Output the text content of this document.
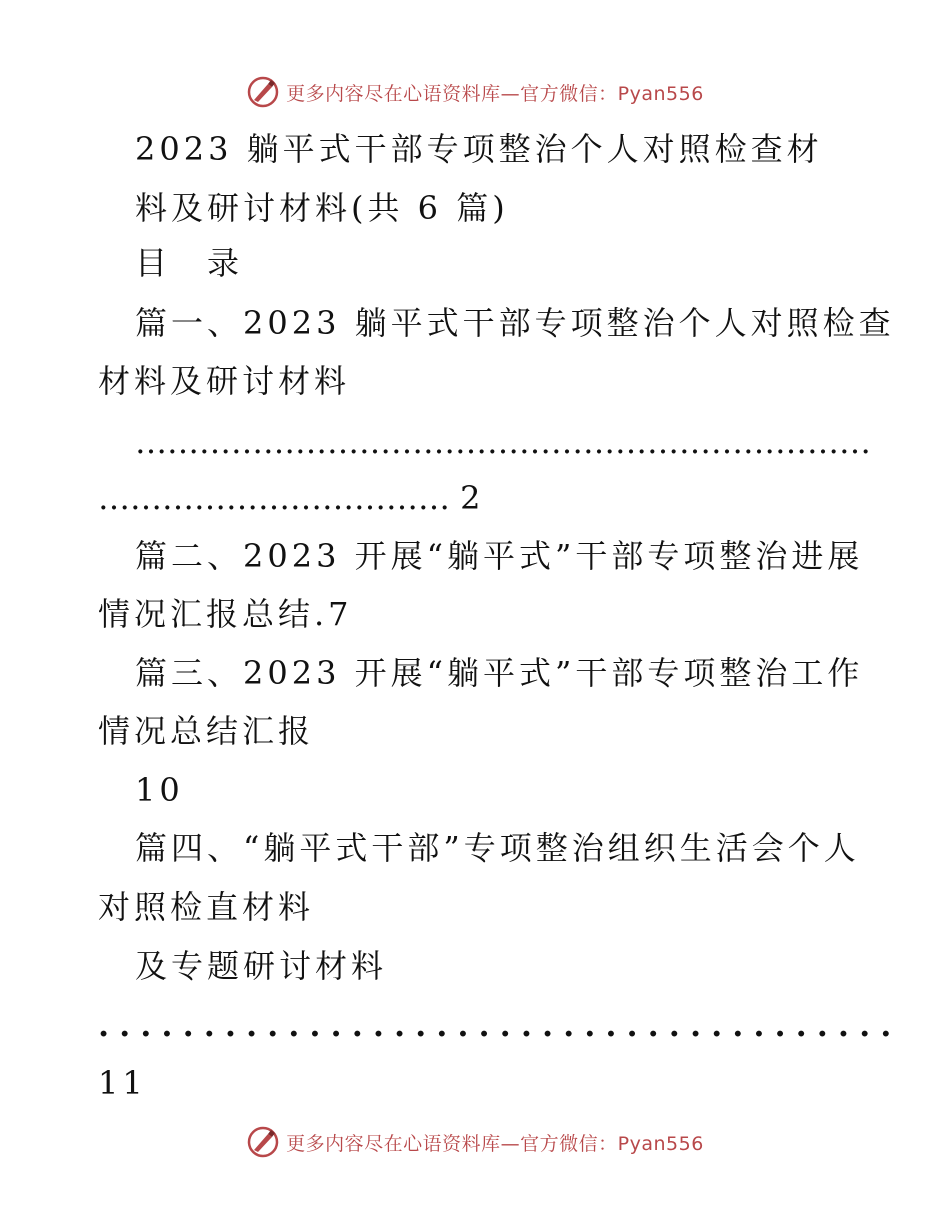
更多内容尽在心语资料库—官方微信：Pyan556
2023 躺平式干部专项整治个人对照检查材
料及研讨材料(共 6 篇)
目　录
篇一、2023 躺平式干部专项整治个人对照检查
材料及研讨材料
……………………………………………………………
…………………………… 2
篇二、2023 开展“躺平式”干部专项整治进展
情况汇报总结.7
篇三、2023 开展“躺平式”干部专项整治工作
情况总结汇报
10
篇四、“躺平式干部”专项整治组织生活会个人
对照检直材料
及专题研讨材料
......................................
11
更多内容尽在心语资料库—官方微信：Pyan556
